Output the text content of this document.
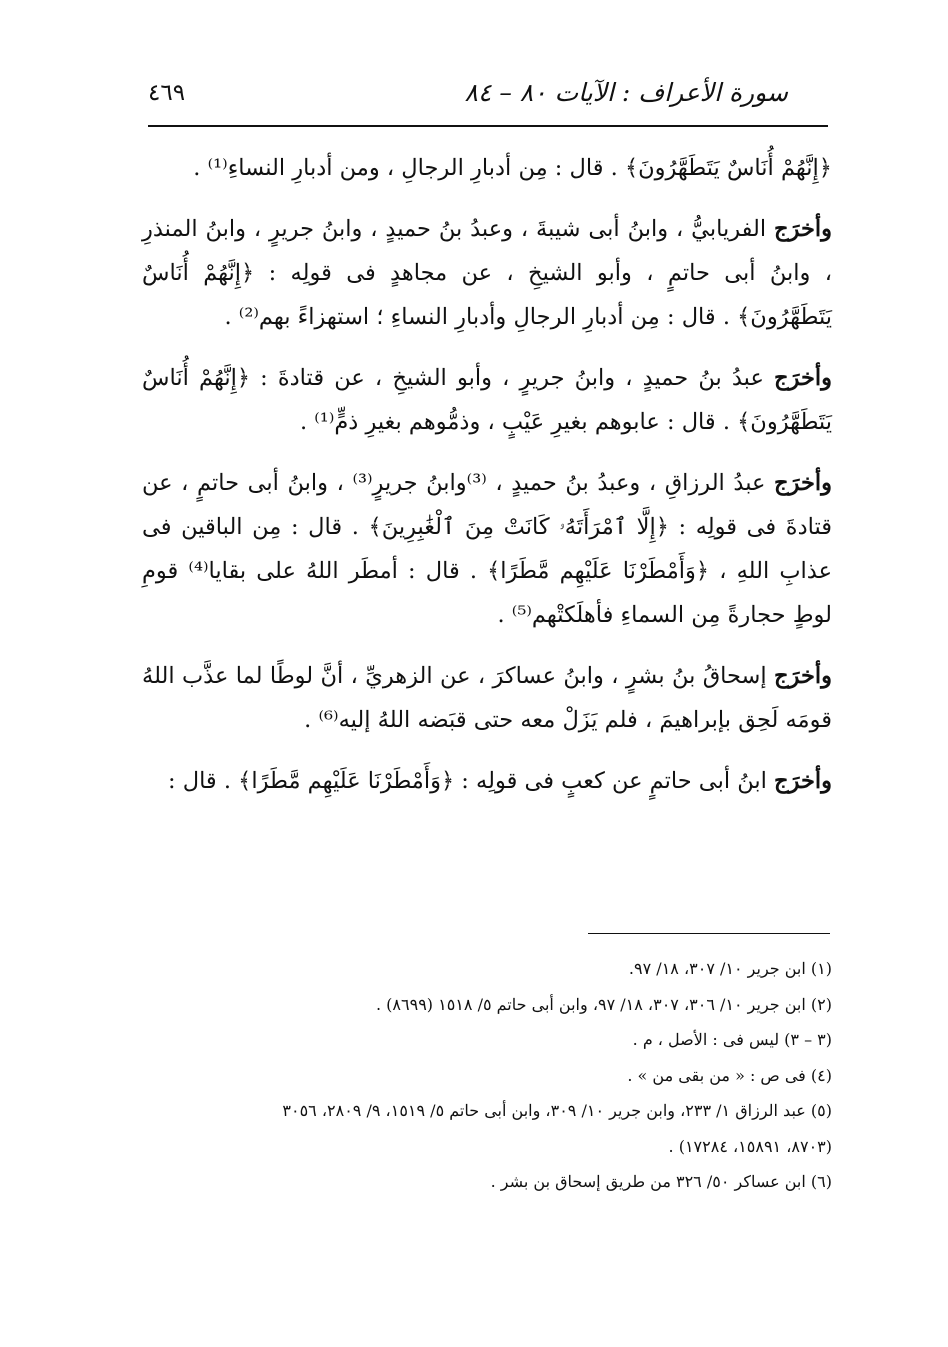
سورة الأعراف : الآيات ٨٠ – ٨٤
٤٦٩

﴿إِنَّهُمْ أُنَاسٌ يَتَطَهَّرُونَ﴾ . قال : مِن أدبارِ الرجالِ ، ومن أدبارِ النساءِ⁽¹⁾ .

وأخرَج الفريابيُّ ، وابنُ أبى شيبةَ ، وعبدُ بنُ حميدٍ ، وابنُ جريرٍ ، وابنُ المنذرِ ، وابنُ أبى حاتمٍ ، وأبو الشيخِ ، عن مجاهدٍ فى قولِه : ﴿إِنَّهُمْ أُنَاسٌ يَتَطَهَّرُونَ﴾ . قال : مِن أدبارِ الرجالِ وأدبارِ النساءِ ؛ استهزاءً بهم⁽²⁾ .

وأخرَج عبدُ بنُ حميدٍ ، وابنُ جريرٍ ، وأبو الشيخِ ، عن قتادةَ : ﴿إِنَّهُمْ أُنَاسٌ يَتَطَهَّرُونَ﴾ . قال : عابوهم بغيرِ عَيْبٍ ، وذمُّوهم بغيرِ ذمٍّ⁽¹⁾ .

وأخرَج عبدُ الرزاقِ ، وعبدُ بنُ حميدٍ ، ⁽³⁾وابنُ جريرٍ⁽³⁾ ، وابنُ أبى حاتمٍ ، عن قتادةَ فى قولِه : ﴿إِلَّا ٱمْرَأَتَهُۥ كَانَتْ مِنَ ٱلْغَٰبِرِينَ﴾ . قال : مِن الباقين فى عذابِ اللهِ ، ﴿وَأَمْطَرْنَا عَلَيْهِم مَّطَرًا﴾ . قال : أمطَر اللهُ على بقايا⁽⁴⁾ قومِ لوطٍ حجارةً مِن السماءِ فأهلَكتْهم⁽⁵⁾ .

وأخرَج إسحاقُ بنُ بشرٍ ، وابنُ عساكرَ ، عن الزهريِّ ، أنَّ لوطًا لما عذَّب اللهُ قومَه لَحِق بإبراهيمَ ، فلم يَزَلْ معه حتى قبَضه اللهُ إليه⁽⁶⁾ .

وأخرَج ابنُ أبى حاتمٍ عن كعبٍ فى قولِه : ﴿وَأَمْطَرْنَا عَلَيْهِم مَّطَرًا﴾ . قال :

(١) ابن جرير ١٠/ ٣٠٧، ١٨/ ٩٧.
(٢) ابن جرير ١٠/ ٣٠٦، ٣٠٧، ١٨/ ٩٧، وابن أبى حاتم ٥/ ١٥١٨ (٨٦٩٩) .
(٣ – ٣) ليس فى : الأصل ، م .
(٤) فى ص : « من بقى من » .
(٥) عبد الرزاق ١/ ٢٣٣، وابن جرير ١٠/ ٣٠٩، وابن أبى حاتم ٥/ ١٥١٩، ٩/ ٢٨٠٩، ٣٠٥٦
(٨٧٠٣، ١٥٨٩١، ١٧٢٨٤) .
(٦) ابن عساكر ٥٠/ ٣٢٦ من طريق إسحاق بن بشر .
